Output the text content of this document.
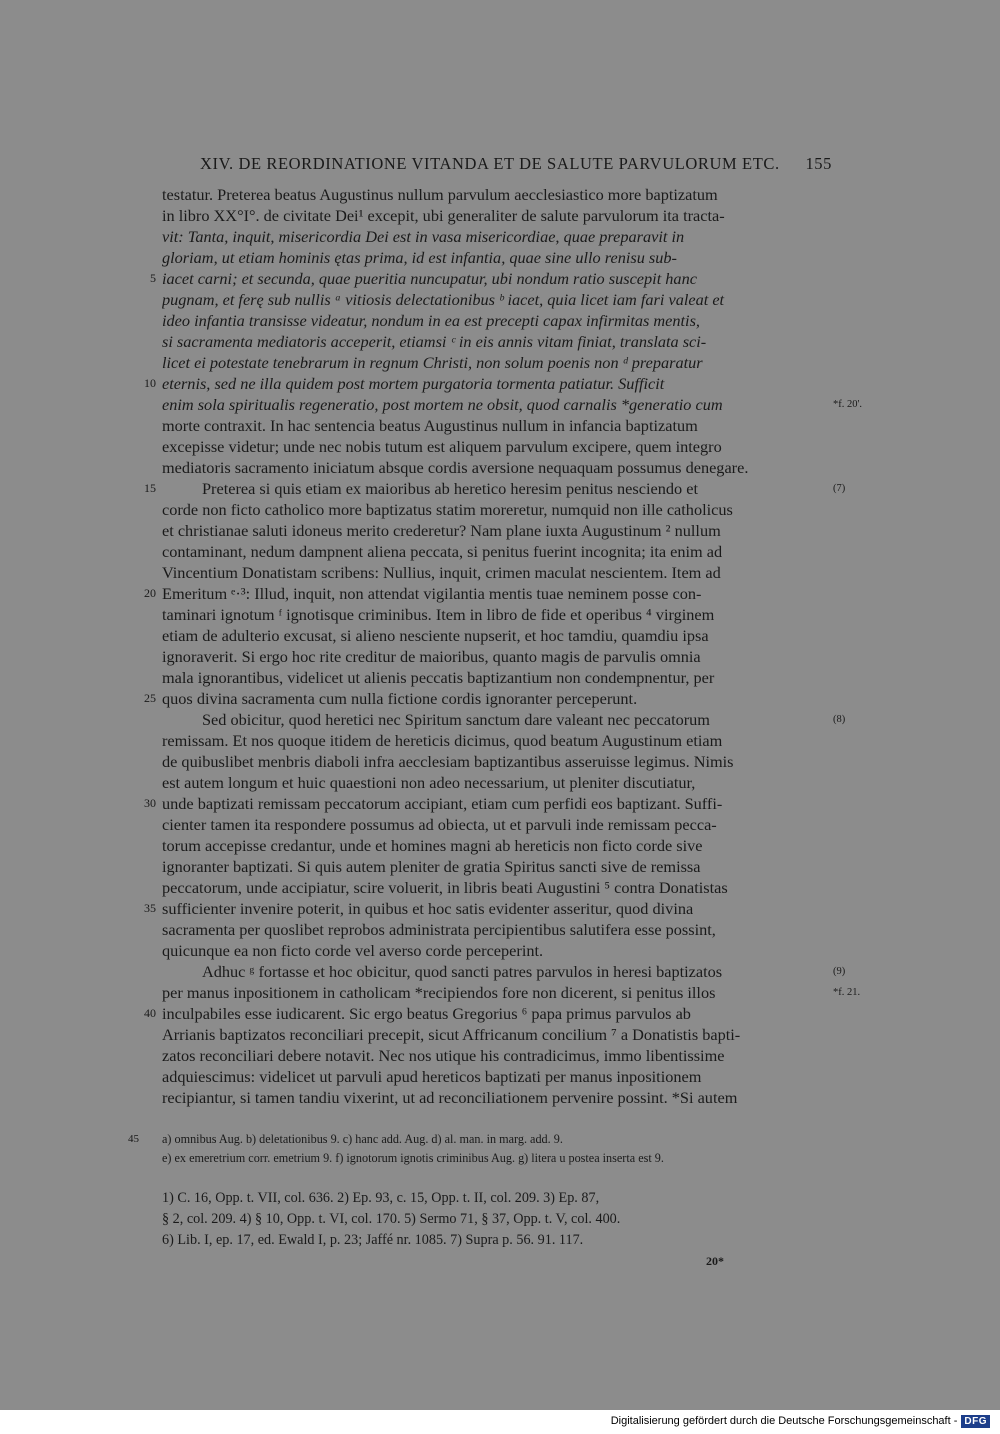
XIV. DE REORDINATIONE VITANDA ET DE SALUTE PARVULORUM ETC. 155
testatur. Preterea beatus Augustinus nullum parvulum aecclesiastico more baptizatum
in libro XX°I°. de civitate Dei¹ excepit, ubi generaliter de salute parvulorum ita tracta-
vit: Tanta, inquit, misericordia Dei est in vasa misericordiae, quae preparavit in
gloriam, ut etiam hominis ętas prima, id est infantia, quae sine ullo renisu sub-
iacet carni; et secunda, quae pueritia nuncupatur, ubi nondum ratio suscepit hanc
pugnam, et ferę sub nullis ᵃ vitiosis delectationibus ᵇ iacet, quia licet iam fari valeat et
ideo infantia transisse videatur, nondum in ea est precepti capax infirmitas mentis,
si sacramenta mediatoris acceperit, etiamsi ᶜ in eis annis vitam finiat, translata sci-
licet ei potestate tenebrarum in regnum Christi, non solum poenis non ᵈ preparatur
eternis, sed ne illa quidem post mortem purgatoria tormenta patiatur. Sufficit
enim sola spiritualis regeneratio, post mortem ne obsit, quod carnalis *generatio cum
morte contraxit. In hac sentencia beatus Augustinus nullum in infancia baptizatum
excepisse videtur; unde nec nobis tutum est aliquem parvulum excipere, quem integro
mediatoris sacramento iniciatum absque cordis aversione nequaquam possumus denegare.
Preterea si quis etiam ex maioribus ab heretico heresim penitus nesciendo et
corde non ficto catholico more baptizatus statim moreretur, numquid non ille catholicus
et christianae saluti idoneus merito crederetur? Nam plane iuxta Augustinum ² nullum
contaminant, nedum dampnent aliena peccata, si penitus fuerint incognita; ita enim ad
Vincentium Donatistam scribens: Nullius, inquit, crimen maculat nescientem. Item ad
Emeritum ᵉ·³: Illud, inquit, non attendat vigilantia mentis tuae neminem posse con-
taminari ignotum ᶠ ignotisque criminibus. Item in libro de fide et operibus ⁴ virginem
etiam de adulterio excusat, si alieno nesciente nupserit, et hoc tamdiu, quamdiu ipsa
ignoraverit. Si ergo hoc rite creditur de maioribus, quanto magis de parvulis omnia
mala ignorantibus, videlicet ut alienis peccatis baptizantium non condempnentur, per
quos divina sacramenta cum nulla fictione cordis ignoranter perceperunt.
Sed obicitur, quod heretici nec Spiritum sanctum dare valeant nec peccatorum
remissam. Et nos quoque itidem de hereticis dicimus, quod beatum Augustinum etiam
de quibuslibet menbris diaboli infra aecclesiam baptizantibus asseruisse legimus. Nimis
est autem longum et huic quaestioni non adeo necessarium, ut pleniter discutiatur,
unde baptizati remissam peccatorum accipiant, etiam cum perfidi eos baptizant. Suffi-
cienter tamen ita respondere possumus ad obiecta, ut et parvuli inde remissam pecca-
torum accepisse credantur, unde et homines magni ab hereticis non ficto corde sive
ignoranter baptizati. Si quis autem pleniter de gratia Spiritus sancti sive de remissa
peccatorum, unde accipiatur, scire voluerit, in libris beati Augustini ⁵ contra Donatistas
sufficienter invenire poterit, in quibus et hoc satis evidenter asseritur, quod divina
sacramenta per quoslibet reprobos administrata percipientibus salutifera esse possint,
quicunque ea non ficto corde vel averso corde perceperint.
Adhuc ᵍ fortasse et hoc obicitur, quod sancti patres parvulos in heresi baptizatos
per manus inpositionem in catholicam *recipiendos fore non dicerent, si penitus illos
inculpabiles esse iudicarent. Sic ergo beatus Gregorius ⁶ papa primus parvulos ab
Arrianis baptizatos reconciliari precepit, sicut Affricanum concilium ⁷ a Donatistis bapti-
zatos reconciliari debere notavit. Nec nos utique his contradicimus, immo libentissime
adquiescimus: videlicet ut parvuli apud hereticos baptizati per manus inpositionem
recipiantur, si tamen tandiu vixerint, ut ad reconciliationem pervenire possint. *Si autem
5
10
15
20
25
30
35
40
*f. 20'.
(7)
(8)
(9)
*f. 21.
45	a) omnibus Aug. b) deletationibus 9. c) hanc add. Aug. d) al. man. in marg. add. 9.
e) ex emeretrium corr. emetrium 9. f) ignotorum ignotis criminibus Aug. g) litera u postea inserta est 9.
1) C. 16, Opp. t. VII, col. 636. 2) Ep. 93, c. 15, Opp. t. II, col. 209. 3) Ep. 87,
§ 2, col. 209. 4) § 10, Opp. t. VI, col. 170. 5) Sermo 71, § 37, Opp. t. V, col. 400.
6) Lib. I, ep. 17, ed. Ewald I, p. 23; Jaffé nr. 1085. 7) Supra p. 56. 91. 117.
20*
Digitalisierung gefördert durch die Deutsche Forschungsgemeinschaft - DFG
